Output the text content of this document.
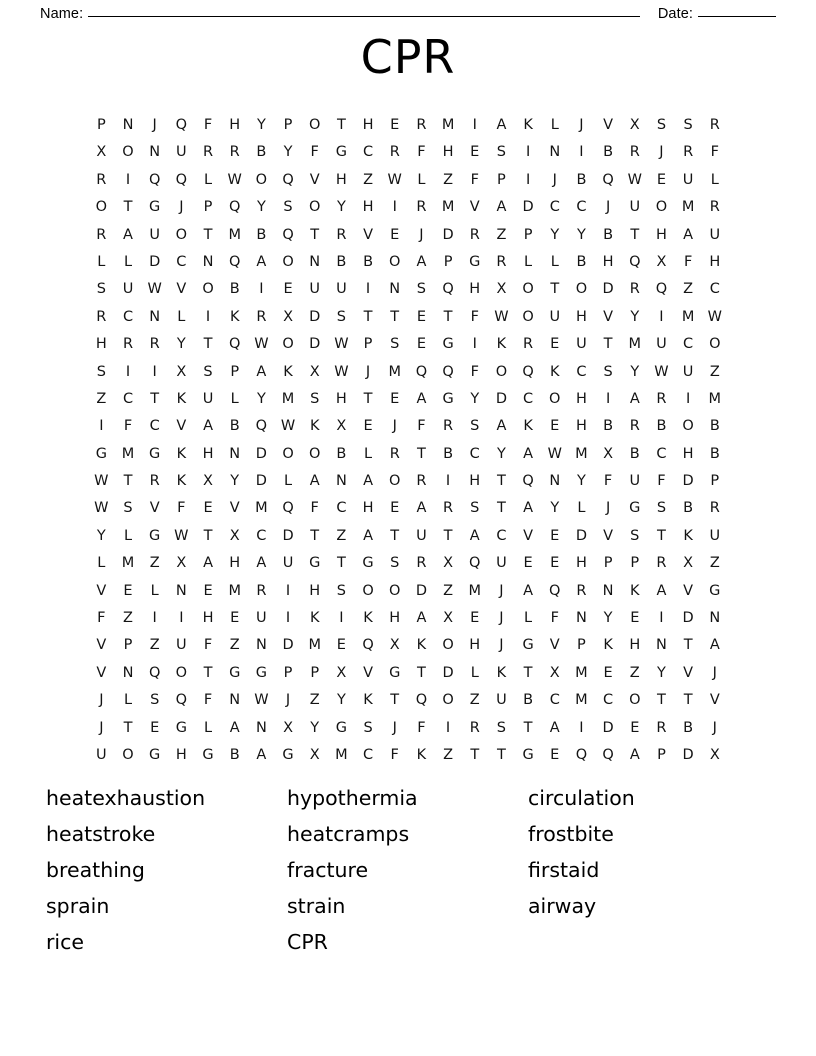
Name:	Date:
CPR
P	N	J	Q	F	H	Y	P	O	T	H	E	R	M	I	A	K	L	J	V	X	S	S	R
X	O	N	U	R	R	B	Y	F	G	C	R	F	H	E	S	I	N	I	B	R	J	R	F
R	I	Q	Q	L	W O	Q	V	H	Z	W	L	Z	F	P	I	J	B	Q W	E	U	L
O	T	G	J	P	Q	Y	S	O	Y	H	I	R	M	V	A	D	C	C	J	U	O	M	R
R	A	U	O	T	M	B	Q	T	R	V	E	J	D	R	Z	P	Y	Y	B	T	H	A	U
L	L	D	C	N	Q	A	O	N	B	B	O	A	P	G	R	L	L	B	H	Q	X	F	H
S	U W	V	O	B	I	E	U	U	I	N	S	Q	H	X	O	T	O	D	R	Q	Z	C
R	C	N	L	I	K	R	X	D	S	T	T	E	T	F	W O	U	H	V	Y	I	M W
H	R	R	Y	T	Q W O	D W	P	S	E	G	I	K	R	E	U	T	M	U	C	O
S	I	I	X	S	P	A	K	X	W	J	M	Q	Q	F	O	Q	K	C	S	Y	W U	Z
Z	C	T	K	U	L	Y	M	S	H	T	E	A	G	Y	D	C	O	H	I	A	R	I	M
I	F	C	V	A	B	Q W	K	X	E	J	F	R	S	A	K	E	H	B	R	B	O	B
G	M	G	K	H	N	D	O	O	B	L	R	T	B	C	Y	A	W M	X	B	C	H	B
W	T	R	K	X	Y	D	L	A	N	A	O	R	I	H	T	Q	N	Y	F	U	F	D	P
W	S	V	F	E	V	M	Q	F	C	H	E	A	R	S	T	A	Y	L	J	G	S	B	R
Y	L	G W	T	X	C	D	T	Z	A	T	U	T	A	C	V	E	D	V	S	T	K	U
L	M	Z	X	A	H	A	U	G	T	G	S	R	X	Q	U	E	E	H	P	P	R	X	Z
V	E	L	N	E	M	R	I	H	S	O	O	D	Z	M	J	A	Q	R	N	K	A	V	G
F	Z	I	I	H	E	U	I	K	I	K	H	A	X	E	J	L	F	N	Y	E	I	D	N
V	P	Z	U	F	Z	N	D	M	E	Q	X	K	O	H	J	G	V	P	K	H	N	T	A
V	N	Q	O	T	G	G	P	P	X	V	G	T	D	L	K	T	X	M	E	Z	Y	V	J
J	L	S	Q	F	N W	J	Z	Y	K	T	Q	O	Z	U	B	C	M	C	O	T	T	V
J	T	E	G	L	A	N	X	Y	G	S	J	F	I	R	S	T	A	I	D	E	R	B	J
U	O	G	H	G	B	A	G	X	M	C	F	K	Z	T	T	G	E	Q	Q	A	P	D	X
heatexhaustion
heatstroke
breathing
sprain
rice
hypothermia
heatcramps
fracture
strain
CPR
circulation
frostbite
firstaid
airway
